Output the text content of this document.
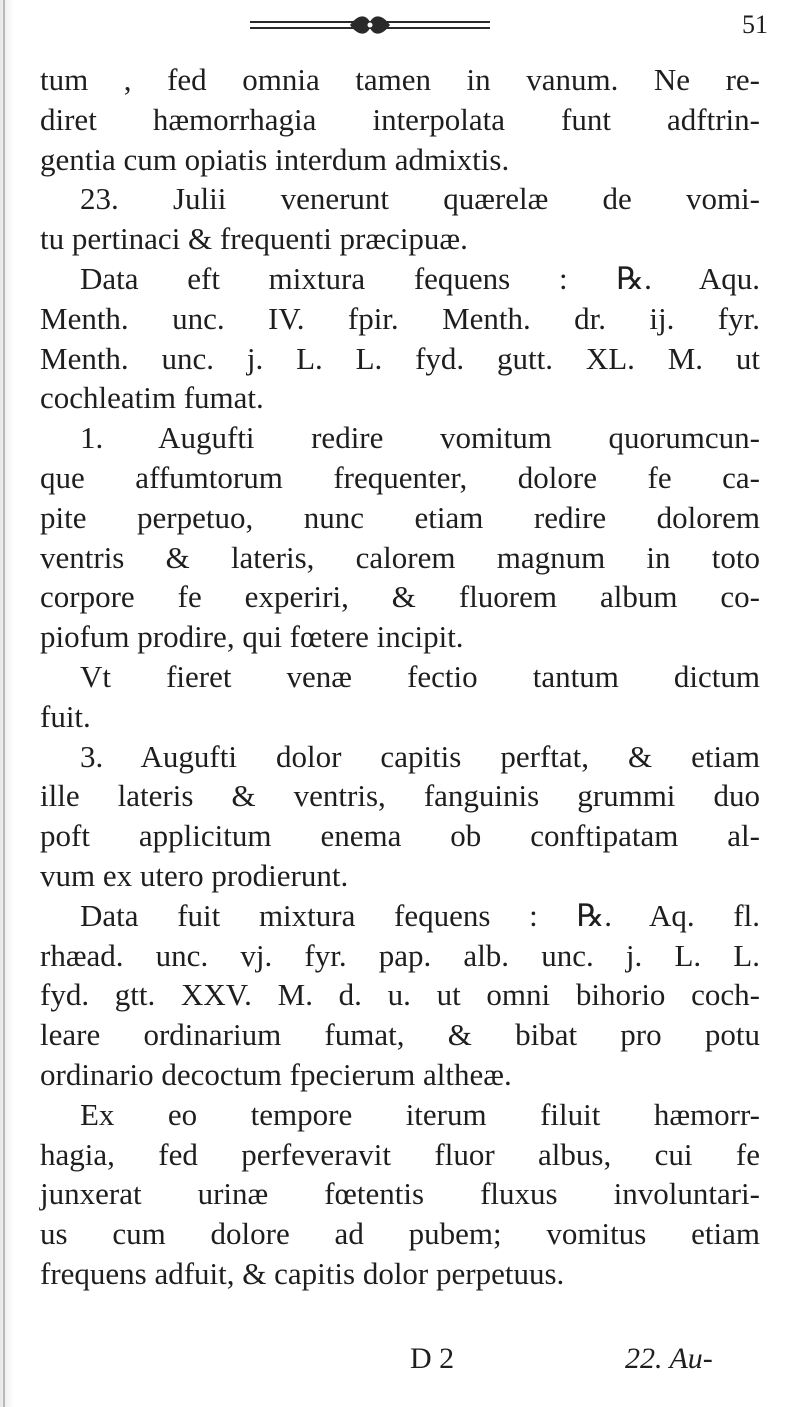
51
tum , fed omnia tamen in vanum. Ne re-
diret hæmorrhagia interpolata funt adftrin-
gentia cum opiatis interdum admixtis.
23. Julii venerunt quærelæ de vomi-
tu pertinaci & frequenti præcipuæ.
Data eft mixtura fequens : ℞. Aqu.
Menth. unc. IV. fpir. Menth. dr. ij. fyr.
Menth. unc. j. L. L. fyd. gutt. XL. M. ut
cochleatim fumat.
1. Augufti redire vomitum quorumcun-
que affumtorum frequenter, dolore fe ca-
pite perpetuo, nunc etiam redire dolorem
ventris & lateris, calorem magnum in toto
corpore fe experiri, & fluorem album co-
piofum prodire, qui fœtere incipit.
Vt fieret venæ fectio tantum dictum
fuit.
3. Augufti dolor capitis perftat, & etiam
ille lateris & ventris, fanguinis grummi duo
poft applicitum enema ob conftipatam al-
vum ex utero prodierunt.
Data fuit mixtura fequens : ℞. Aq. fl.
rhæad. unc. vj. fyr. pap. alb. unc. j. L. L.
fyd. gtt. XXV. M. d. u. ut omni bihorio coch-
leare ordinarium fumat, & bibat pro potu
ordinario decoctum fpecierum altheæ.
Ex eo tempore iterum filuit hæmorr-
hagia, fed perfeveravit fluor albus, cui fe
junxerat urinæ fœtentis fluxus involuntari-
us cum dolore ad pubem; vomitus etiam
frequens adfuit, & capitis dolor perpetuus.
D 2	22. Au-
